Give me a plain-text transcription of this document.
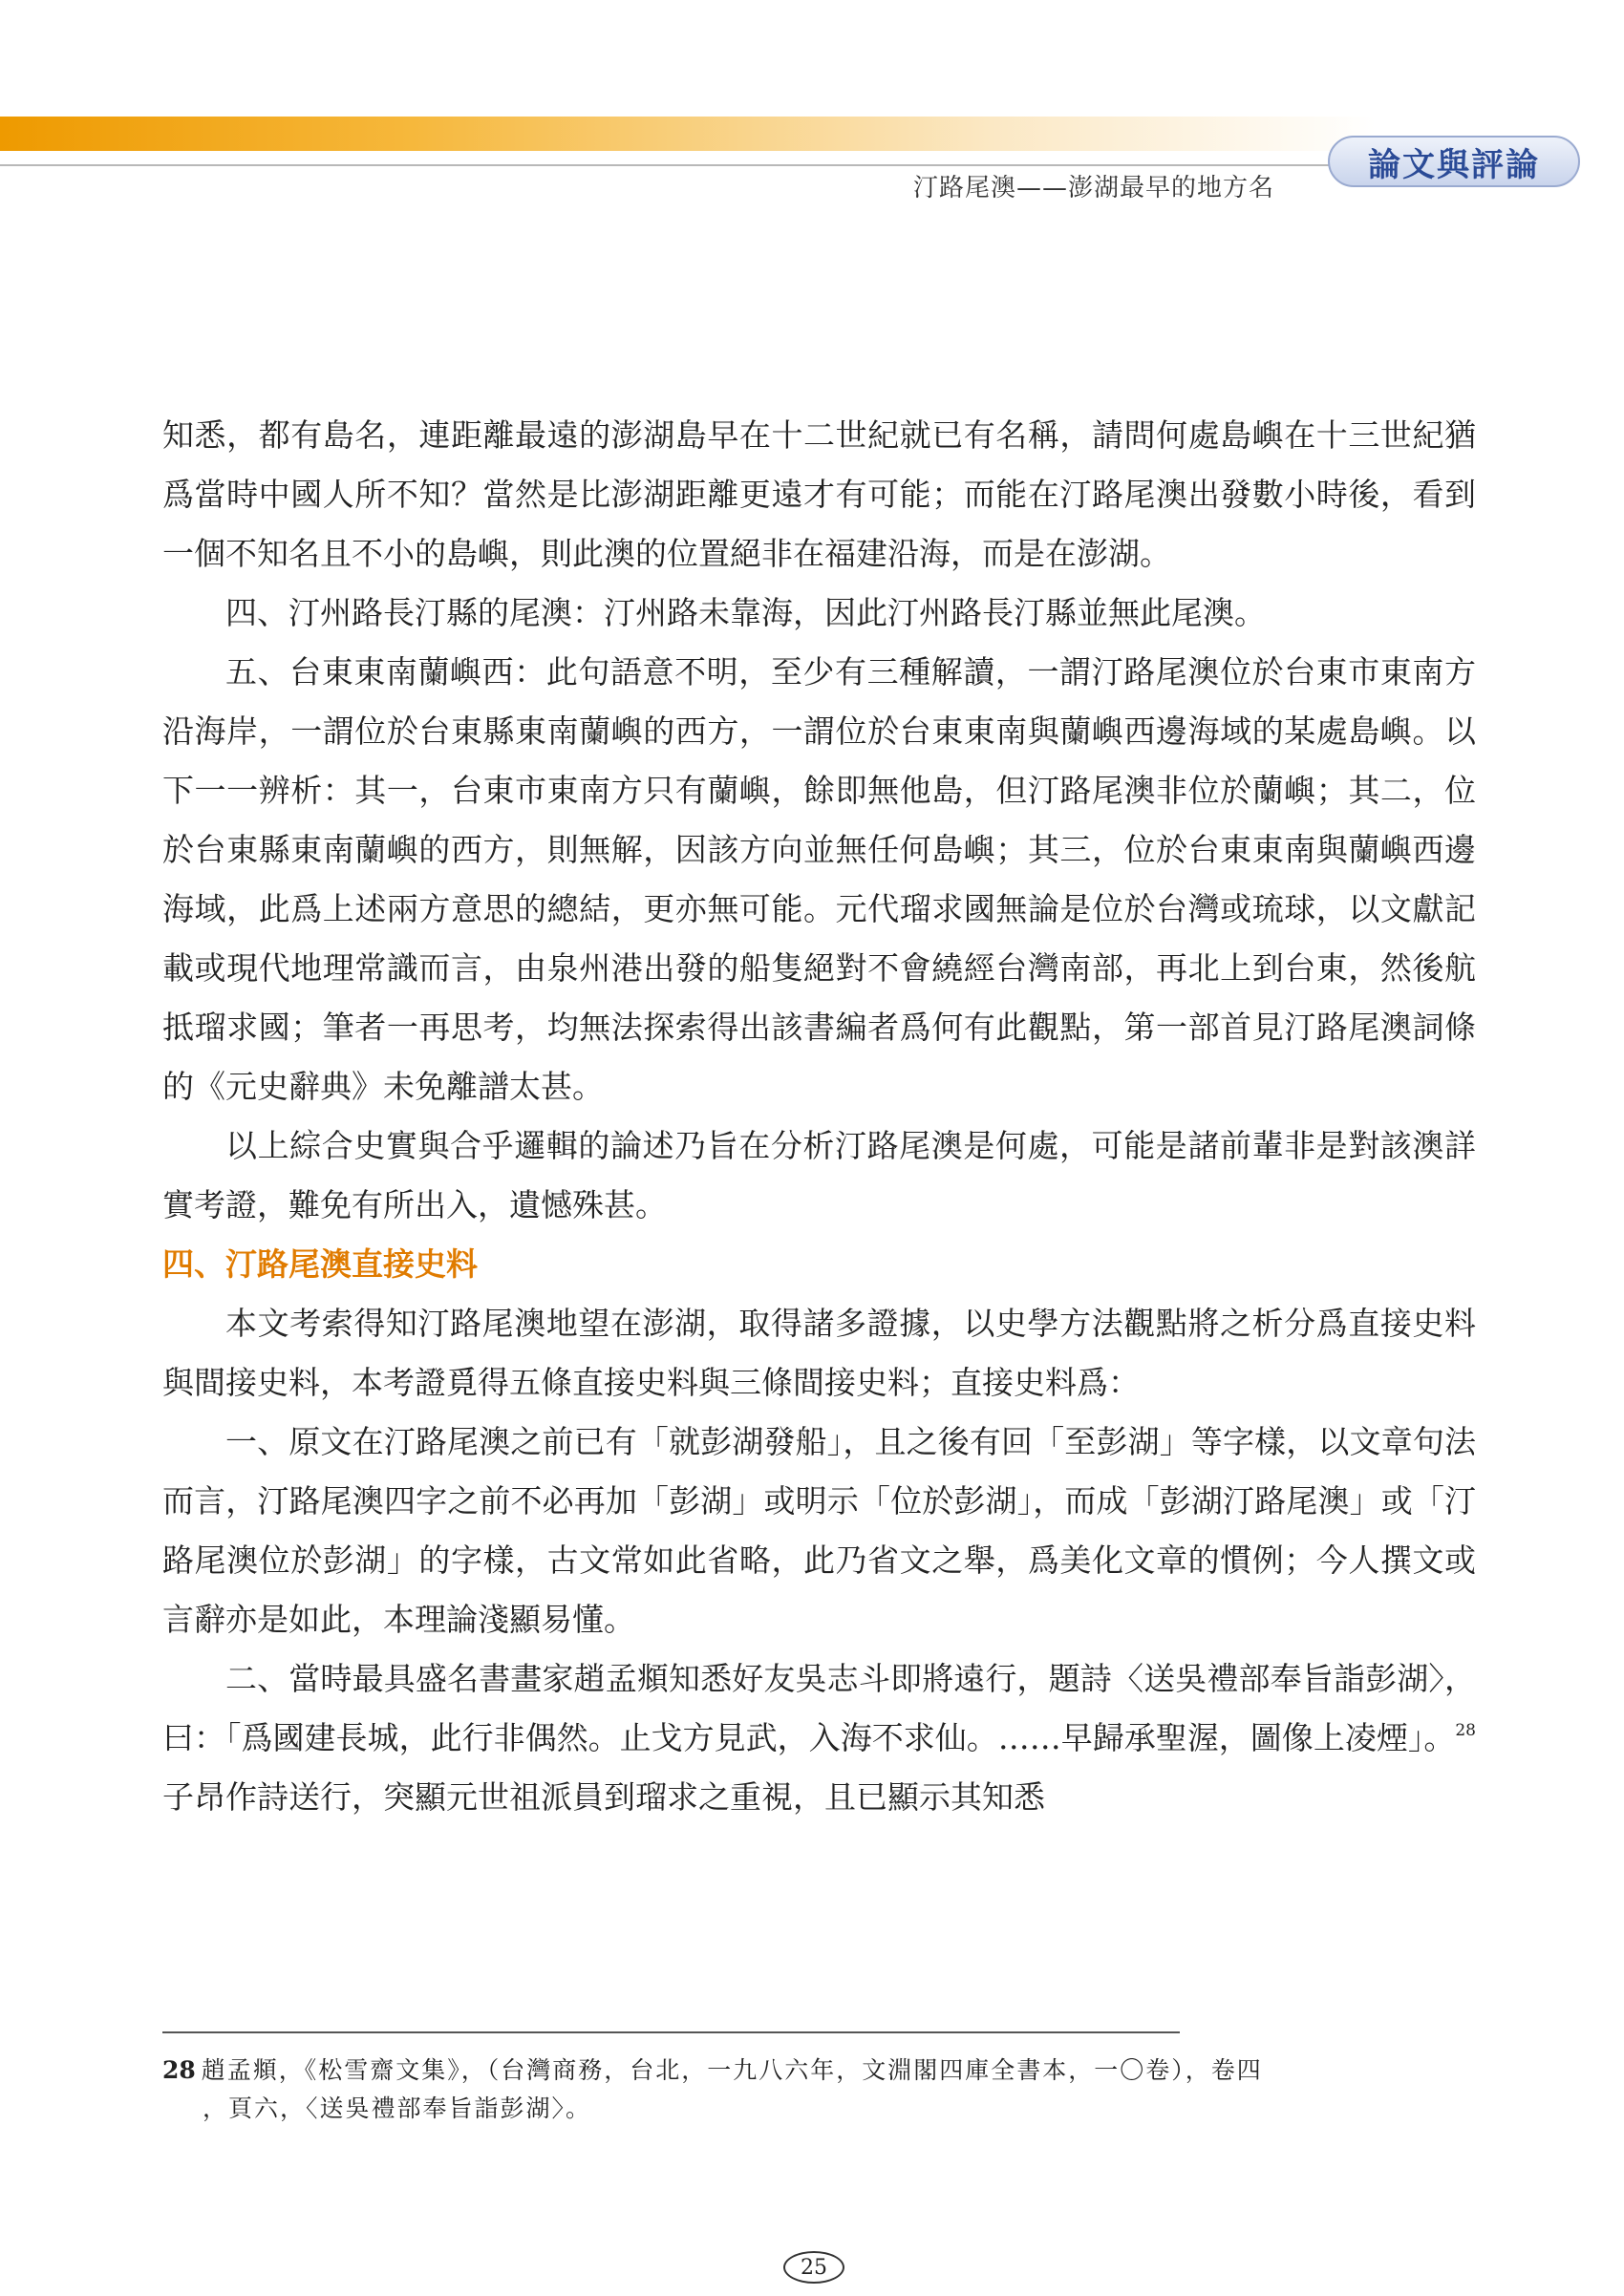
汀路尾澳——澎湖最早的地方名
論文與評論

知悉，都有島名，連距離最遠的澎湖島早在十二世紀就已有名稱，請問何處島嶼在十三世紀猶爲當時中國人所不知？當然是比澎湖距離更遠才有可能；而能在汀路尾澳出發數小時後，看到一個不知名且不小的島嶼，則此澳的位置絕非在福建沿海，而是在澎湖。

四、汀州路長汀縣的尾澳：汀州路未靠海，因此汀州路長汀縣並無此尾澳。

五、台東東南蘭嶼西：此句語意不明，至少有三種解讀，一謂汀路尾澳位於台東市東南方沿海岸，一謂位於台東縣東南蘭嶼的西方，一謂位於台東東南與蘭嶼西邊海域的某處島嶼。以下一一辨析：其一，台東市東南方只有蘭嶼，餘即無他島，但汀路尾澳非位於蘭嶼；其二，位於台東縣東南蘭嶼的西方，則無解，因該方向並無任何島嶼；其三，位於台東東南與蘭嶼西邊海域，此爲上述兩方意思的總結，更亦無可能。元代瑠求國無論是位於台灣或琉球，以文獻記載或現代地理常識而言，由泉州港出發的船隻絕對不會繞經台灣南部，再北上到台東，然後航抵瑠求國；筆者一再思考，均無法探索得出該書編者爲何有此觀點，第一部首見汀路尾澳詞條的《元史辭典》未免離譜太甚。

以上綜合史實與合乎邏輯的論述乃旨在分析汀路尾澳是何處，可能是諸前輩非是對該澳詳實考證，難免有所出入，遺憾殊甚。

四、汀路尾澳直接史料

本文考索得知汀路尾澳地望在澎湖，取得諸多證據，以史學方法觀點將之析分爲直接史料與間接史料，本考證覓得五條直接史料與三條間接史料；直接史料爲：

一、原文在汀路尾澳之前已有「就彭湖發船」，且之後有回「至彭湖」等字樣，以文章句法而言，汀路尾澳四字之前不必再加「彭湖」或明示「位於彭湖」，而成「彭湖汀路尾澳」或「汀路尾澳位於彭湖」的字樣，古文常如此省略，此乃省文之舉，爲美化文章的慣例；今人撰文或言辭亦是如此，本理論淺顯易懂。

二、當時最具盛名書畫家趙孟頫知悉好友吳志斗即將遠行，題詩〈送吳禮部奉旨詣彭湖〉，曰：「爲國建長城，此行非偶然。止戈方見武，入海不求仙。……早歸承聖渥，圖像上凌煙」。$^{28}$子昂作詩送行，突顯元世祖派員到瑠求之重視，且已顯示其知悉

28 趙孟頫，《松雪齋文集》，（台灣商務，台北，一九八六年，文淵閣四庫全書本，一〇卷），卷四
，頁六，〈送吳禮部奉旨詣彭湖〉。
25
